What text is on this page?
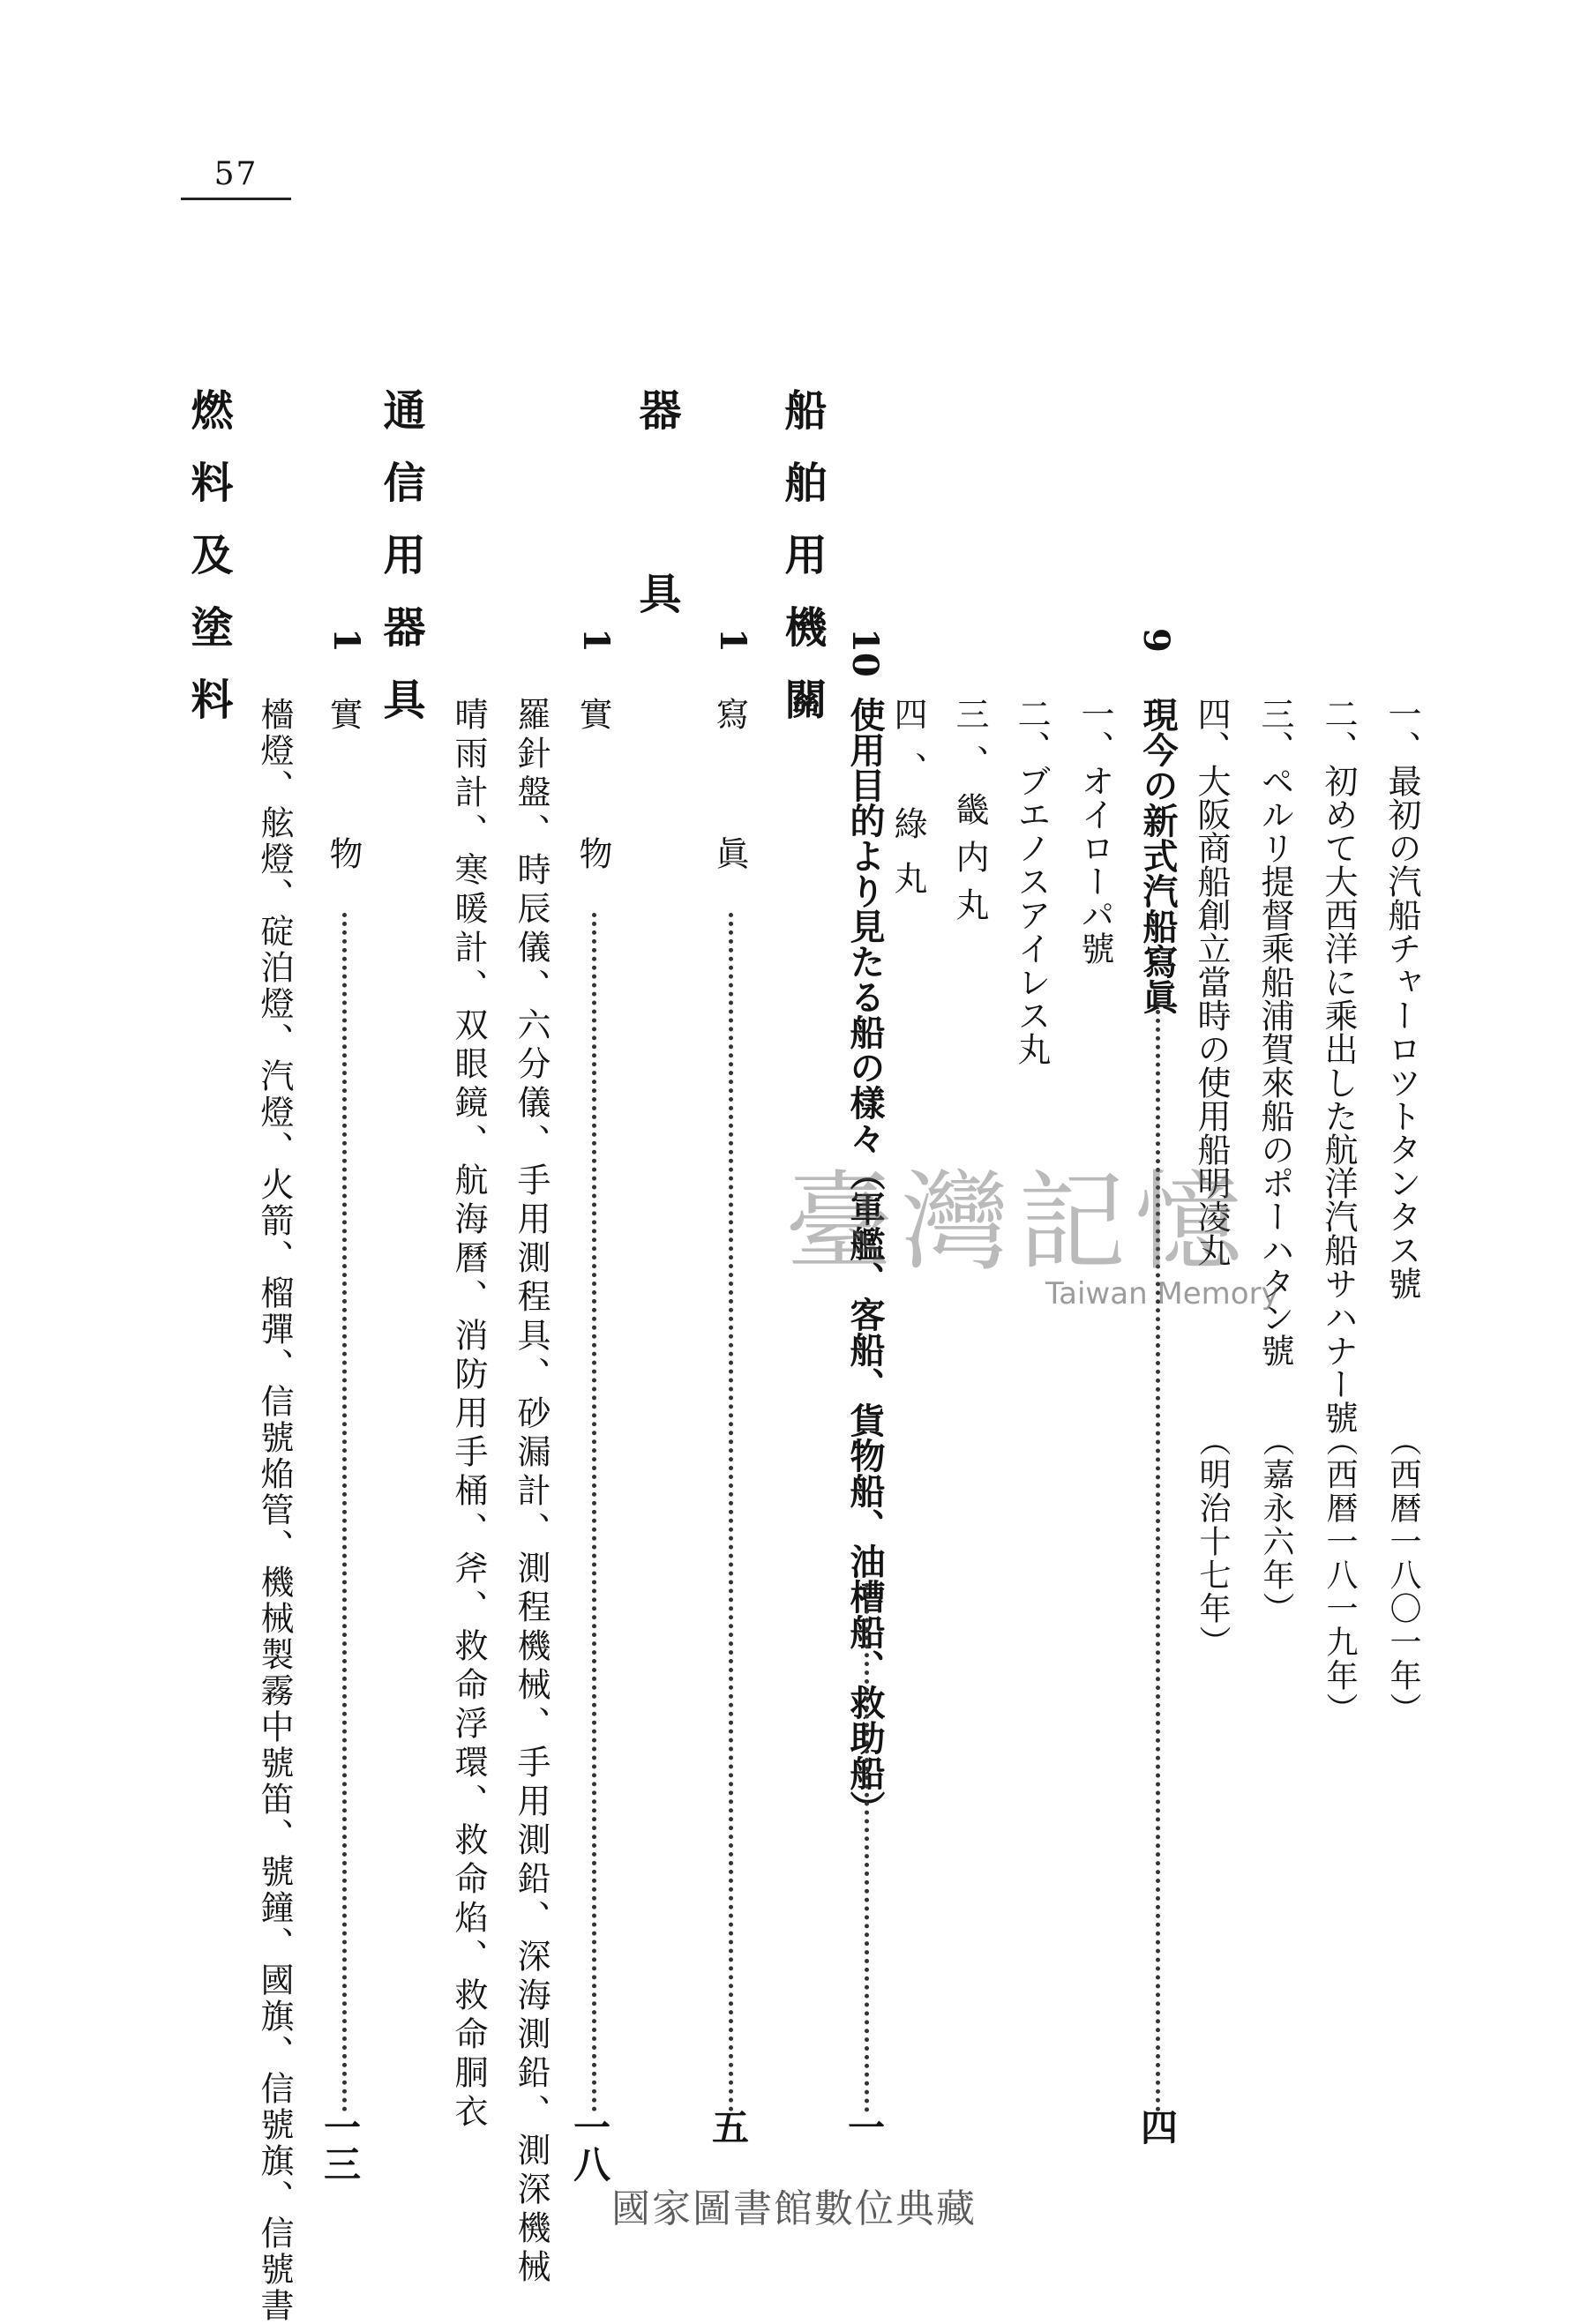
57
9
現今の新式汽船寫眞
四
一、最初の汽船チャーロツトタンタス號
（西暦一八〇一年）
二、初めて大西洋に乘出した航洋汽船サハナー號
（西暦一八一九年）
三、ペルリ提督乘船浦賀來船のポーハタン號
（嘉永六年）
四、大阪商船創立當時の使用船明凌丸
（明治十七年）
一、オイローパ號
二、ブエノスアイレス丸
三、畿内丸
四、綠丸
10
使用目的より見たる船の樣々（軍艦、客船、貨物船、油槽船、救助船）
一
船舶用機關
1
寫眞
五
器具
1
實物
一八
羅針盤、時辰儀、六分儀、手用測程具、砂漏計、測程機械、手用測鉛、深海測鉛、測深機械
晴雨計、寒暖計、双眼鏡、航海曆、消防用手桶、斧、救命浮環、救命焰、救命胴衣
通信用器具
1
實物
一三
檣燈、舷燈、碇泊燈、汽燈、火箭、榴彈、信號焔管、機械製霧中號笛、號鐘、國旗、信號旗、信號書
燃料及塗料
臺灣記憶
Taiwan Memory
國家圖書館數位典藏
